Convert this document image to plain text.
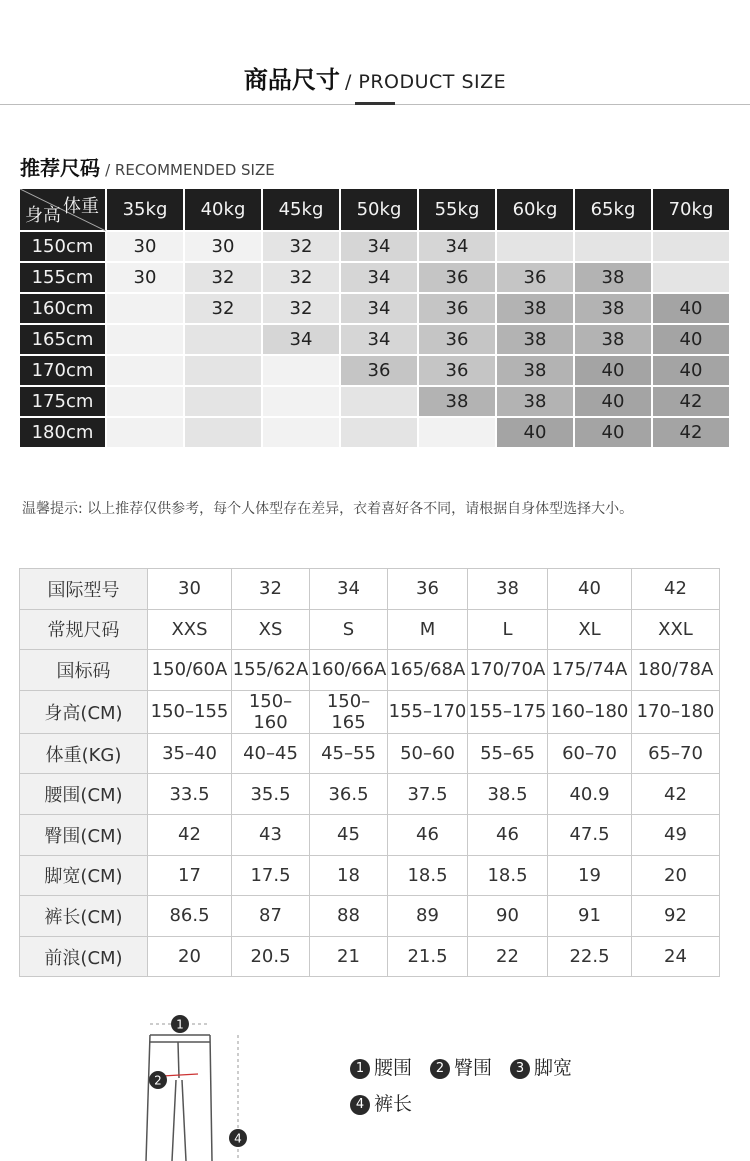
商品尺寸 / PRODUCT SIZE
推荐尺码 / RECOMMENDED SIZE
体重
身高	35kg	40kg	45kg	50kg	55kg	60kg	65kg	70kg
150cm	30	30	32	34	34			
155cm	30	32	32	34	36	36	38	
160cm		32	32	34	36	38	38	40
165cm			34	34	36	38	38	40
170cm				36	36	38	40	40
175cm					38	38	40	42
180cm						40	40	42
温馨提示: 以上推荐仅供参考，每个人体型存在差异，衣着喜好各不同，请根据自身体型选择大小。
国际型号	30	32	34	36	38	40	42
常规尺码	XXS	XS	S	M	L	XL	XXL
国标码	150/60A	155/62A	160/66A	165/68A	170/70A	175/74A	180/78A
身高(CM)	150–155	150–160	150–165	155–170	155–175	160–180	170–180
体重(KG)	35–40	40–45	45–55	50–60	55–65	60–70	65–70
腰围(CM)	33.5	35.5	36.5	37.5	38.5	40.9	42
臀围(CM)	42	43	45	46	46	47.5	49
脚宽(CM)	17	17.5	18	18.5	18.5	19	20
裤长(CM)	86.5	87	88	89	90	91	92
前浪(CM)	20	20.5	21	21.5	22	22.5	24
1
2
4
1 腰围 2 臀围 3 脚宽
4 裤长
